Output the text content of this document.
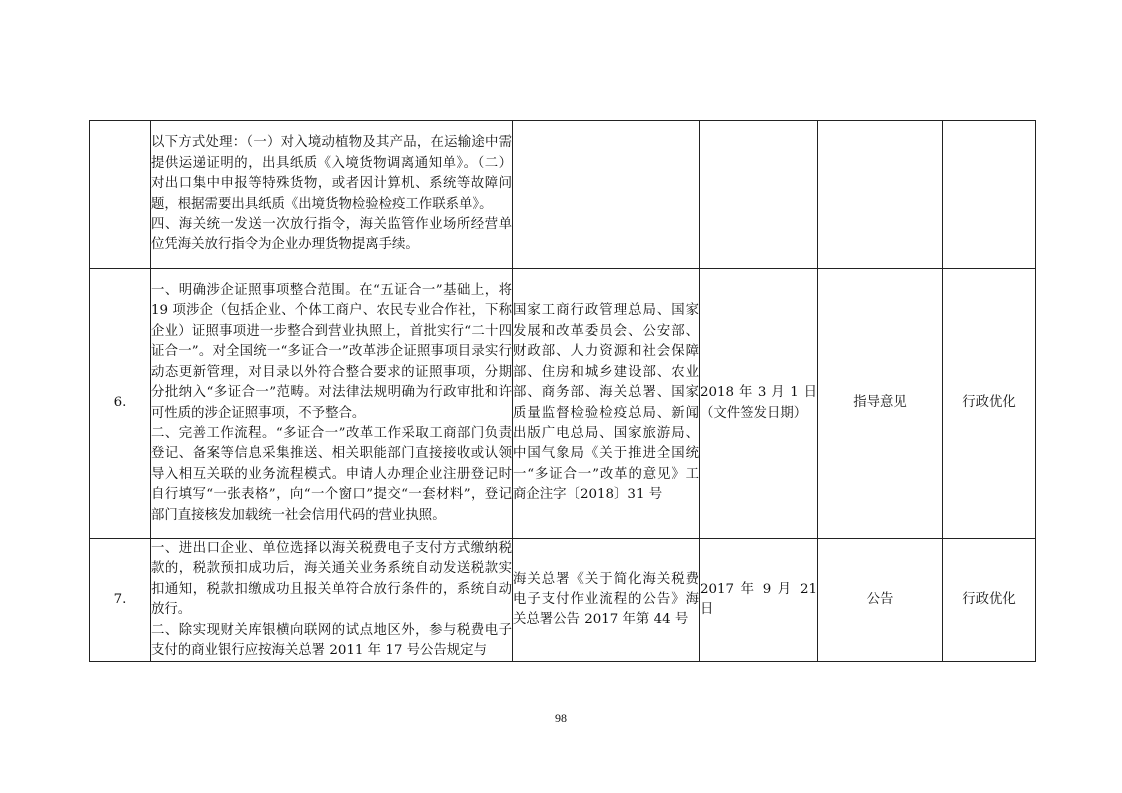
	以下方式处理：（一）对入境动植物及其产品，在运输途中需提供运递证明的，出具纸质《入境货物调离通知单》。（二）对出口集中申报等特殊货物，或者因计算机、系统等故障问题，根据需要出具纸质《出境货物检验检疫工作联系单》。

四、海关统一发送一次放行指令，海关监管作业场所经营单位凭海关放行指令为企业办理货物提离手续。				

6.	一、明确涉企证照事项整合范围。在“五证合一”基础上，将 19 项涉企（包括企业、个体工商户、农民专业合作社，下称企业）证照事项进一步整合到营业执照上，首批实行“二十四证合一”。对全国统一“多证合一”改革涉企证照事项目录实行动态更新管理，对目录以外符合整合要求的证照事项，分期分批纳入“多证合一”范畴。对法律法规明确为行政审批和许可性质的涉企证照事项，不予整合。

二、完善工作流程。“多证合一”改革工作采取工商部门负责登记、备案等信息采集推送、相关职能部门直接接收或认领导入相互关联的业务流程模式。申请人办理企业注册登记时自行填写“一张表格”，向“一个窗口”提交“一套材料”，登记部门直接核发加载统一社会信用代码的营业执照。	国家工商行政管理总局、国家发展和改革委员会、公安部、财政部、人力资源和社会保障部、住房和城乡建设部、农业部、商务部、海关总署、国家质量监督检验检疫总局、新闻出版广电总局、国家旅游局、中国气象局《关于推进全国统一“多证合一”改革的意见》工商企注字〔2018〕31 号	2018 年 3 月 1 日（文件签发日期）	指导意见	行政优化
7.	一、进出口企业、单位选择以海关税费电子支付方式缴纳税款的，税款预扣成功后，海关通关业务系统自动发送税款实扣通知，税款扣缴成功且报关单符合放行条件的，系统自动放行。

二、除实现财关库银横向联网的试点地区外，参与税费电子支付的商业银行应按海关总署 2011 年 17 号公告规定与	海关总署《关于简化海关税费电子支付作业流程的公告》海关总署公告 2017 年第 44 号	2017 年 9 月 21 日	公告	行政优化
98
